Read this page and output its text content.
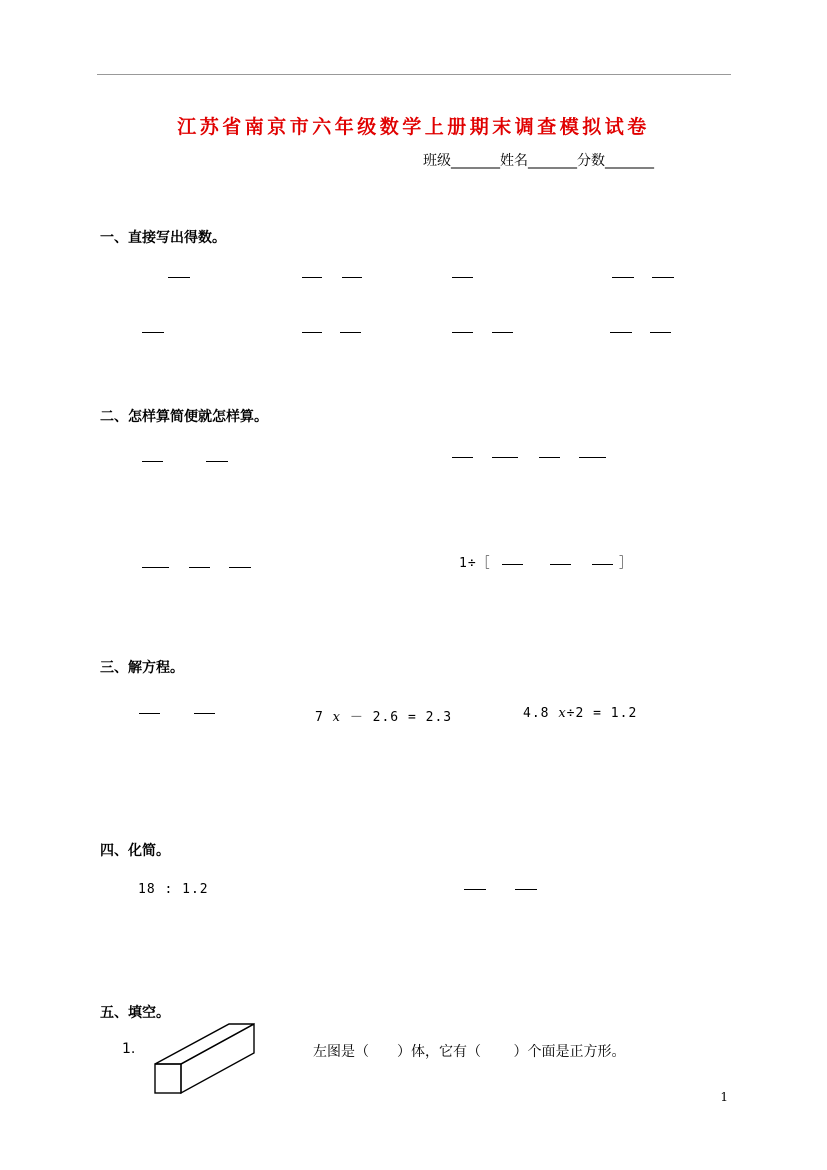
江苏省南京市六年级数学上册期末调查模拟试卷
班级_______姓名_______分数_______
一、直接写出得数。
二、怎样算简便就怎样算。
1÷［	］
三、解方程。
7 x － 2.6 = 2.3	4.8 x÷2 = 1.2
四、化简。
18 : 1.2
五、填空。
1.	左图是（　　）体，它有（　　 ）个面是正方形。
1
